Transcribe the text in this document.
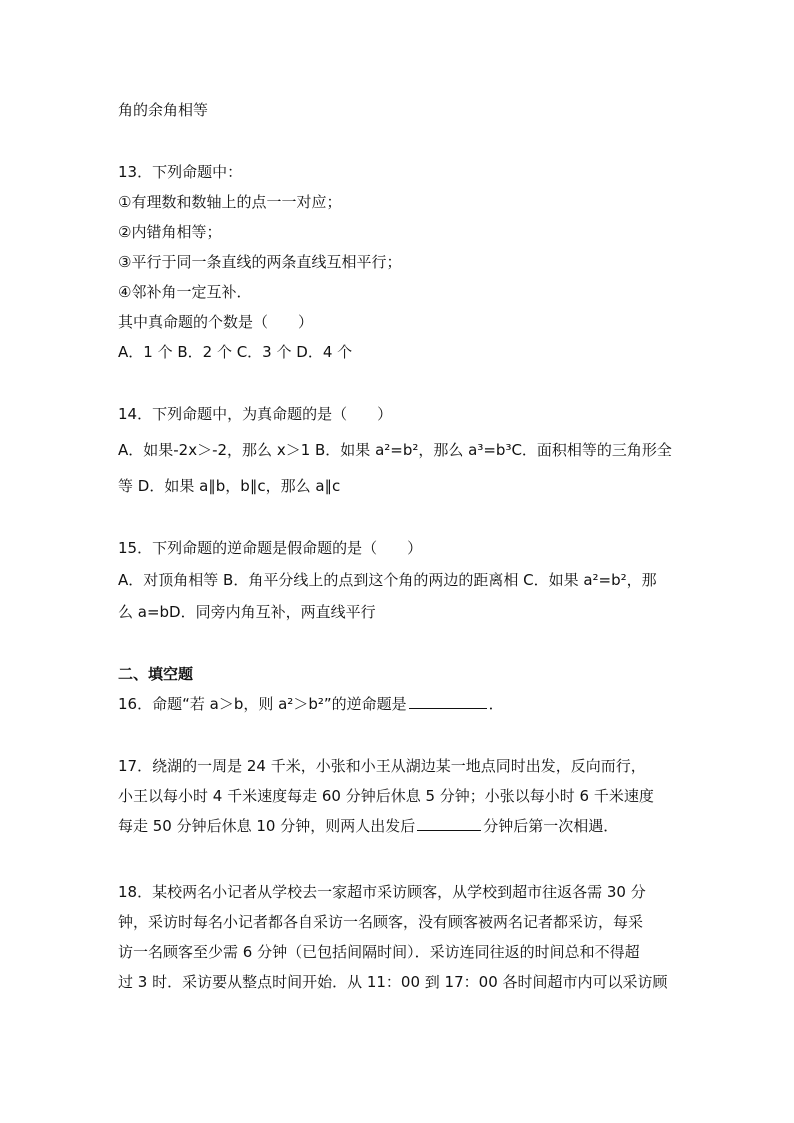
角的余角相等
13．下列命题中：
①有理数和数轴上的点一一对应；
②内错角相等；
③平行于同一条直线的两条直线互相平行；
④邻补角一定互补．
其中真命题的个数是（　　）
A．1 个 B．2 个 C．3 个 D．4 个
14．下列命题中，为真命题的是（　　）
A．如果-2x＞-2，那么 x＞1 B．如果 a²=b²，那么 a³=b³C．面积相等的三角形全
等 D．如果 a∥b，b∥c，那么 a∥c
15．下列命题的逆命题是假命题的是（　　）
A．对顶角相等 B．角平分线上的点到这个角的两边的距离相 C．如果 a²=b²，那
么 a=bD．同旁内角互补，两直线平行
二、填空题
16．命题“若 a＞b，则 a²＞b²”的逆命题是	．
17．绕湖的一周是 24 千米，小张和小王从湖边某一地点同时出发，反向而行，
小王以每小时 4 千米速度每走 60 分钟后休息 5 分钟；小张以每小时 6 千米速度
每走 50 分钟后休息 10 分钟，则两人出发后	分钟后第一次相遇．
18．某校两名小记者从学校去一家超市采访顾客，从学校到超市往返各需 30 分
钟，采访时每名小记者都各自采访一名顾客，没有顾客被两名记者都采访，每采
访一名顾客至少需 6 分钟（已包括间隔时间）．采访连同往返的时间总和不得超
过 3 时．采访要从整点时间开始．从 11：00 到 17：00 各时间超市内可以采访顾
